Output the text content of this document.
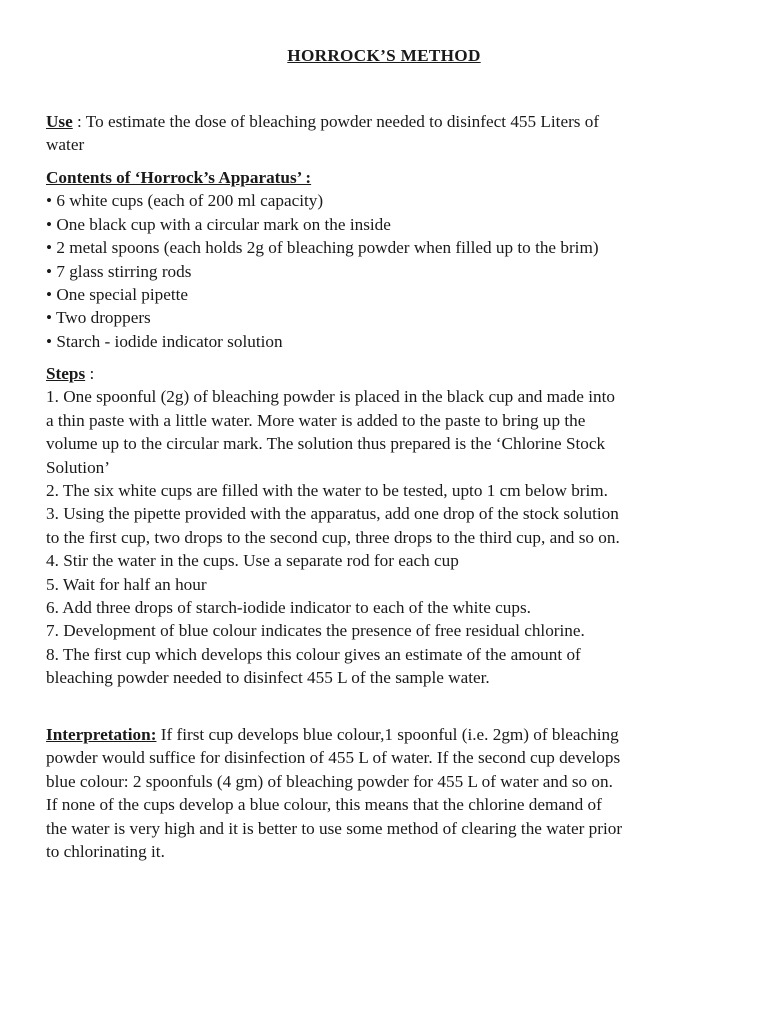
HORROCK’S METHOD
Use : To estimate the dose of bleaching powder needed to disinfect 455 Liters of
water
Contents of ‘Horrock’s Apparatus’ :
• 6 white cups (each of 200 ml capacity)
• One black cup with a circular mark on the inside
• 2 metal spoons (each holds 2g of bleaching powder when filled up to the brim)
• 7 glass stirring rods
• One special pipette
• Two droppers
• Starch - iodide indicator solution
Steps :
1. One spoonful (2g) of bleaching powder is placed in the black cup and made into
a thin paste with a little water. More water is added to the paste to bring up the
volume up to the circular mark. The solution thus prepared is the ‘Chlorine Stock
Solution’
2. The six white cups are filled with the water to be tested, upto 1 cm below brim.
3. Using the pipette provided with the apparatus, add one drop of the stock solution
to the first cup, two drops to the second cup, three drops to the third cup, and so on.
4. Stir the water in the cups. Use a separate rod for each cup
5. Wait for half an hour
6. Add three drops of starch-iodide indicator to each of the white cups.
7. Development of blue colour indicates the presence of free residual chlorine.
8. The first cup which develops this colour gives an estimate of the amount of
bleaching powder needed to disinfect 455 L of the sample water.
Interpretation: If first cup develops blue colour,1 spoonful (i.e. 2gm) of bleaching
powder would suffice for disinfection of 455 L of water. If the second cup develops
blue colour: 2 spoonfuls (4 gm) of bleaching powder for 455 L of water and so on.
If none of the cups develop a blue colour, this means that the chlorine demand of
the water is very high and it is better to use some method of clearing the water prior
to chlorinating it.
